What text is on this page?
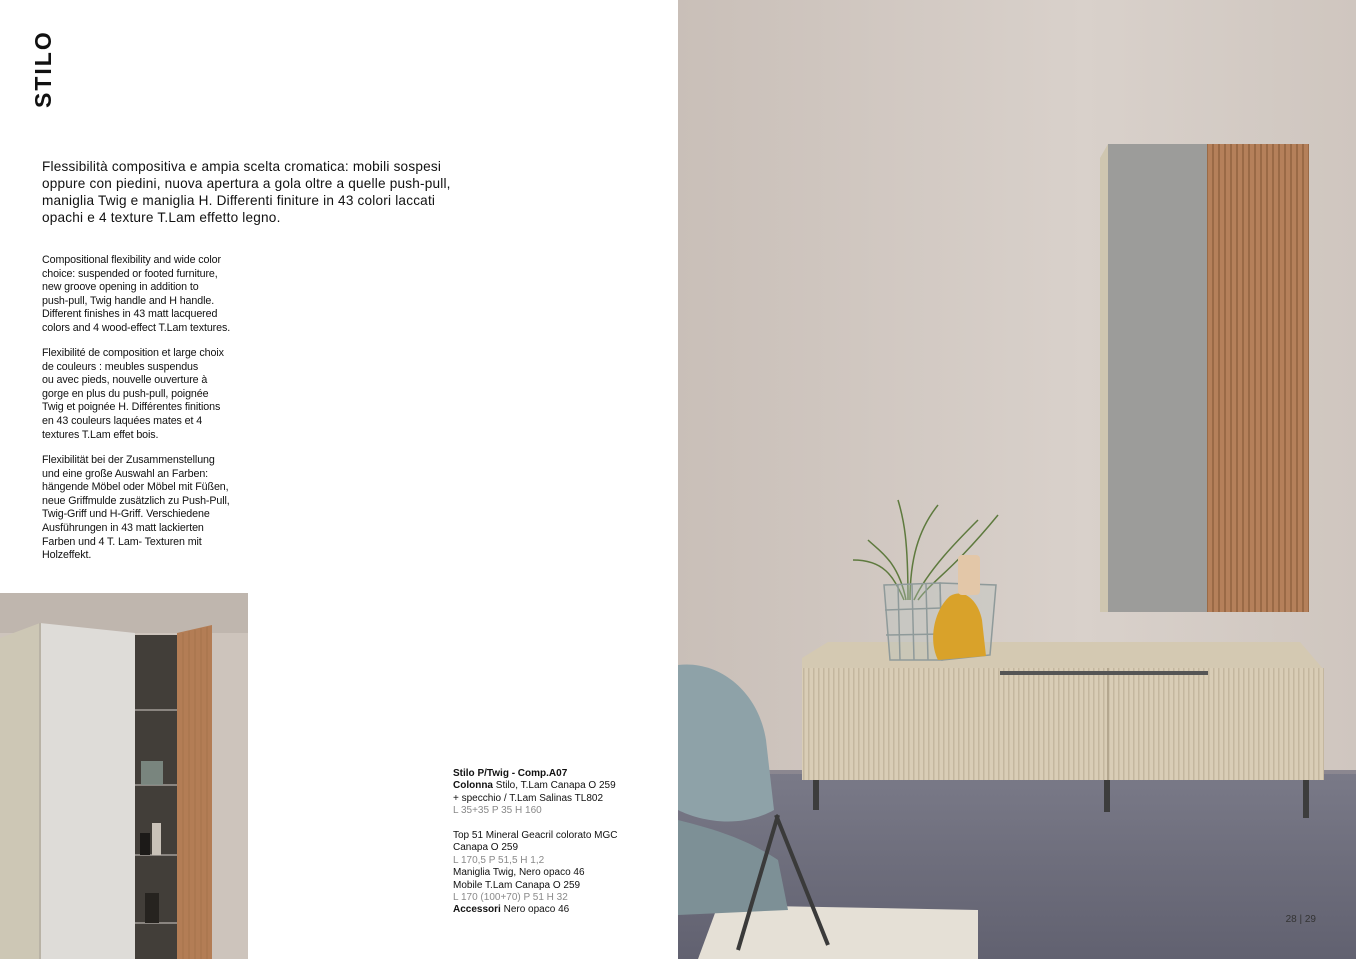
STILO
Flessibilità compositiva e ampia scelta cromatica: mobili sospesi oppure con piedini, nuova apertura a gola oltre a quelle push-pull, maniglia Twig e maniglia H. Differenti finiture in 43 colori laccati opachi e 4 texture T.Lam effetto legno.
Compositional flexibility and wide color
choice: suspended or footed furniture,
new groove opening in addition to
push-pull, Twig handle and H handle.
Different finishes in 43 matt lacquered
colors and 4 wood-effect T.Lam textures.
Flexibilité de composition et large choix
de couleurs : meubles suspendus
ou avec pieds, nouvelle ouverture à
gorge en plus du push-pull, poignée
Twig et poignée H. Différentes finitions
en 43 couleurs laquées mates et 4
textures T.Lam effet bois.
Flexibilität bei der Zusammenstellung
und eine große Auswahl an Farben:
hängende Möbel oder Möbel mit Füßen,
neue Griffmulde zusätzlich zu Push-Pull,
Twig-Griff und H-Griff. Verschiedene
Ausführungen in 43 matt lackierten
Farben und 4 T. Lam- Texturen mit
Holzeffekt.
Stilo P/Twig - Comp.A07
Colonna Stilo, T.Lam Canapa O 259
+ specchio / T.Lam Salinas TL802
L 35+35 P 35 H 160
Top 51 Mineral Geacril colorato MGC
Canapa O 259
L 170,5 P 51,5 H 1,2
Maniglia Twig, Nero opaco 46
Mobile T.Lam Canapa O 259
L 170 (100+70) P 51 H 32
Accessori Nero opaco 46
28 | 29
